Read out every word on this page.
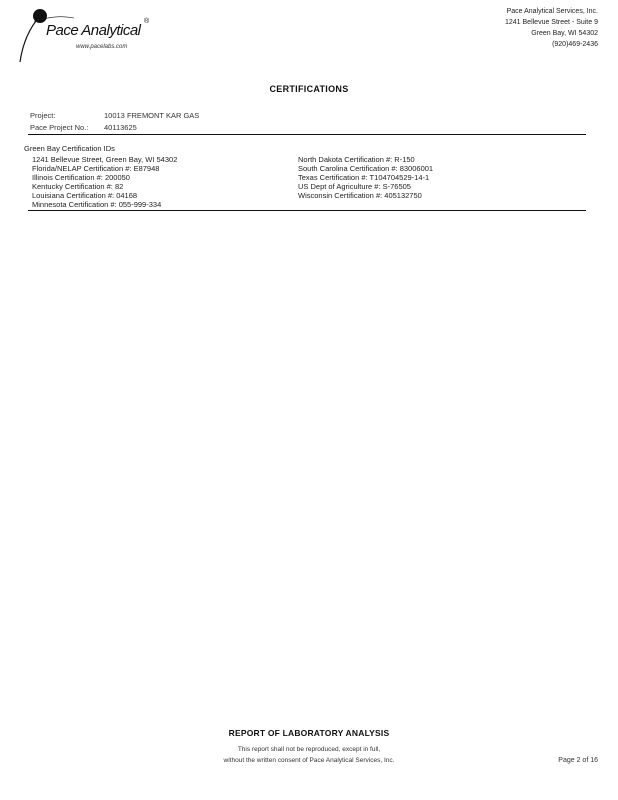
Pace Analytical
®
www.pacelabs.com
Pace Analytical Services, Inc.
1241 Bellevue Street - Suite 9
Green Bay, WI 54302
(920)469-2436
CERTIFICATIONS
Project:	10013 FREMONT KAR GAS
Pace Project No.: 40113625
Green Bay Certification IDs
1241 Bellevue Street, Green Bay, WI 54302
Florida/NELAP Certification #: E87948
Illinois Certification #: 200050
Kentucky Certification #: 82
Louisiana Certification #: 04168
Minnesota Certification #: 055-999-334
North Dakota Certification #: R-150
South Carolina Certification #: 83006001
Texas Certification #: T104704529-14-1
US Dept of Agriculture #: S-76505
Wisconsin Certification #: 405132750
REPORT OF LABORATORY ANALYSIS
This report shall not be reproduced, except in full,
without the written consent of Pace Analytical Services, Inc.	Page 2 of 16
